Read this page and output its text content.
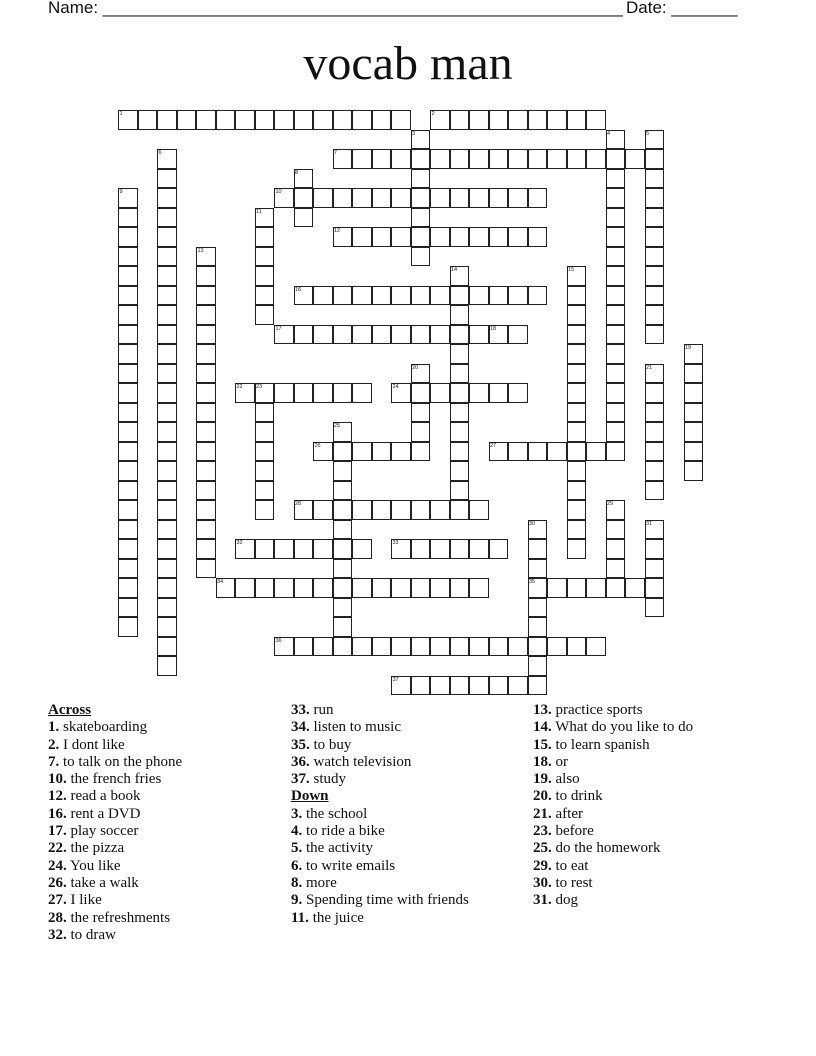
Name: _______________________________________________________ Date: _______
vocab man
1	2
3	4	5
6	7
8
9	10
11
12
13
14	15
16
17	18
19
20	21
22 23	24
25
26	27
28	29
30	31
32	33
34	35
36
37
Across
1. skateboarding
2. I dont like
7. to talk on the phone
10. the french fries
12. read a book
16. rent a DVD
17. play soccer
22. the pizza
24. You like
26. take a walk
27. I like
28. the refreshments
32. to draw
33. run
34. listen to music
35. to buy
36. watch television
37. study
Down
3. the school
4. to ride a bike
5. the activity
6. to write emails
8. more
9. Spending time with friends
11. the juice
13. practice sports
14. What do you like to do
15. to learn spanish
18. or
19. also
20. to drink
21. after
23. before
25. do the homework
29. to eat
30. to rest
31. dog
